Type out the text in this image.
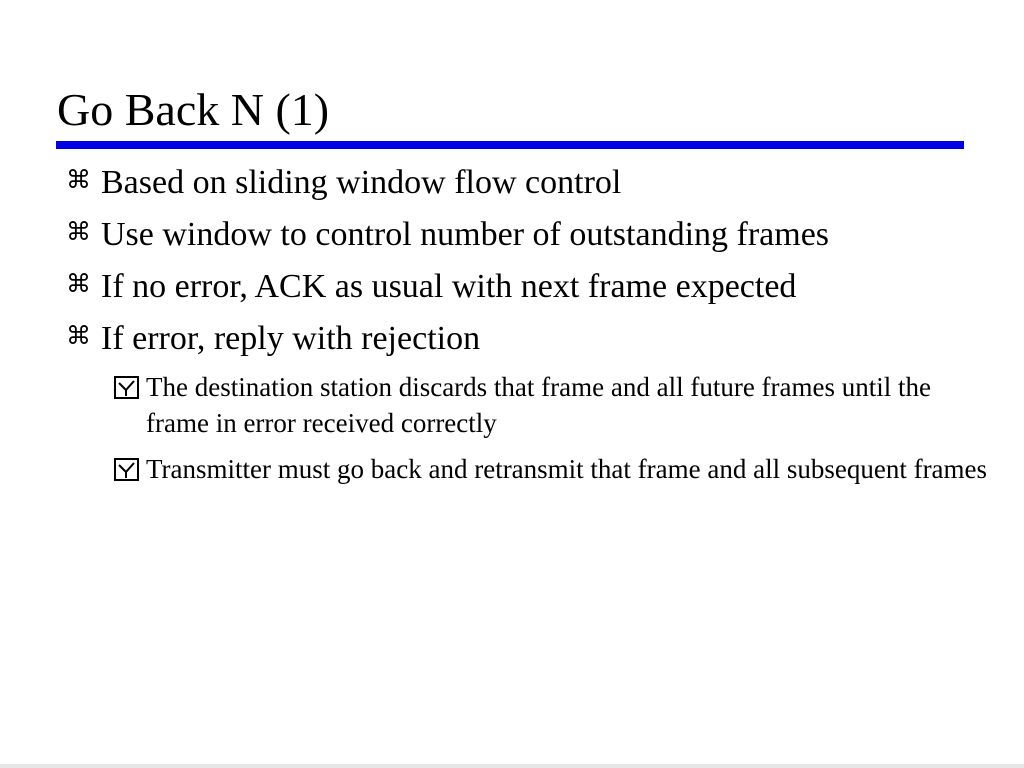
Go Back N (1)
⌘ Based on sliding window flow control
⌘ Use window to control number of outstanding frames
⌘ If no error, ACK as usual with next frame expected
⌘ If error, reply with rejection
The destination station discards that frame and all future frames until the frame in error received correctly
Transmitter must go back and retransmit that frame and all subsequent frames
